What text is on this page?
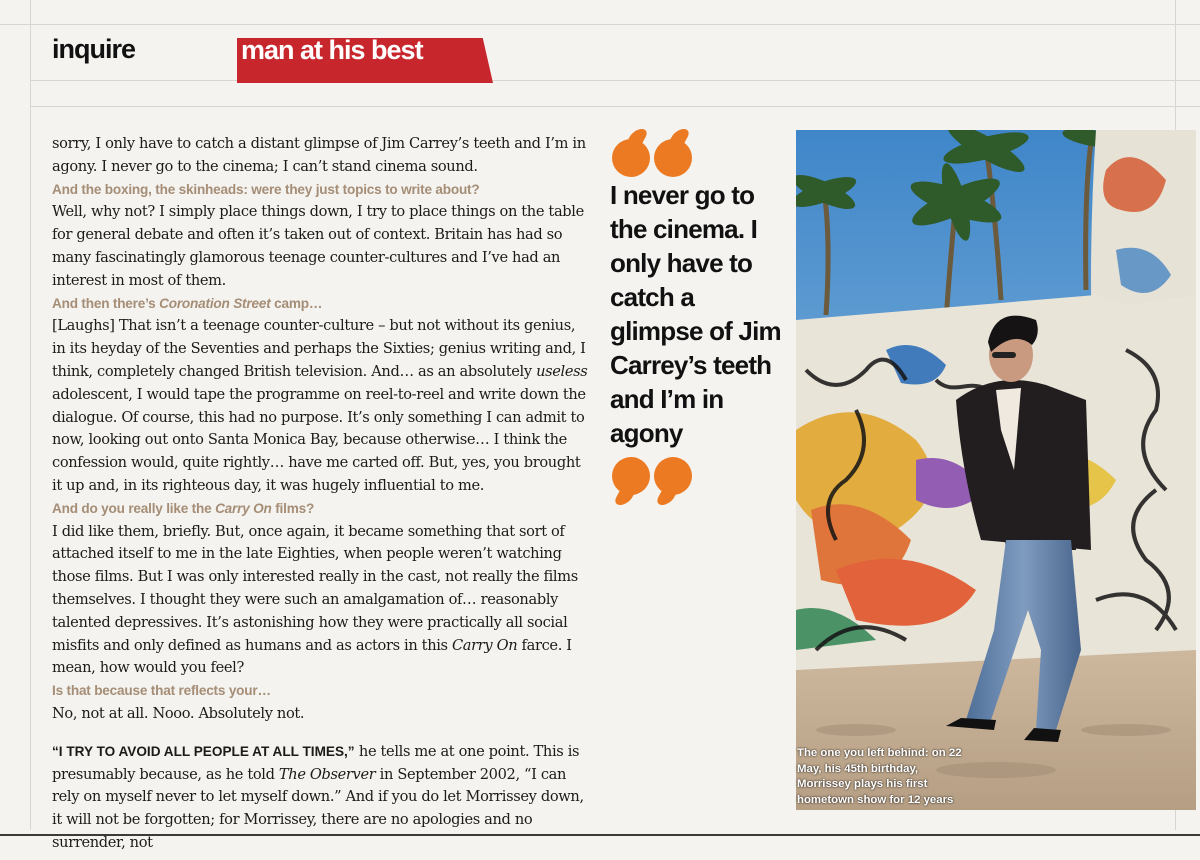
inquire	man at his best

sorry, I only have to catch a distant glimpse of Jim Carrey’s teeth and I’m in agony. I never go to the cinema; I can’t stand cinema sound.

And the boxing, the skinheads: were they just topics to write about?

Well, why not? I simply place things down, I try to place things on the table for general debate and often it’s taken out of context. Britain has had so many fascinatingly glamorous teenage counter-cultures and I’ve had an interest in most of them.

And then there’s Coronation Street camp…

[Laughs] That isn’t a teenage counter-culture – but not without its genius, in its heyday of the Seventies and perhaps the Sixties; genius writing and, I think, completely changed British television. And… as an absolutely useless adolescent, I would tape the programme on reel-to-reel and write down the dialogue. Of course, this had no purpose. It’s only something I can admit to now, looking out onto Santa Monica Bay, because otherwise… I think the confession would, quite rightly… have me carted off. But, yes, you brought it up and, in its righteous day, it was hugely influential to me.

And do you really like the Carry On films?

I did like them, briefly. But, once again, it became something that sort of attached itself to me in the late Eighties, when people weren’t watching those films. But I was only interested really in the cast, not really the films themselves. I thought they were such an amalgamation of… reasonably talented depressives. It’s astonishing how they were practically all social misfits and only defined as humans and as actors in this Carry On farce. I mean, how would you feel?

Is that because that reflects your…

No, not at all. Nooo. Absolutely not.

“I TRY TO AVOID ALL PEOPLE AT ALL TIMES,” he tells me at one point. This is presumably because, as he told The Observer in September 2002, “I can rely on myself never to let myself down.” And if you do let Morrissey down, it will not be forgotten; for Morrissey, there are no apologies and no surrender, not

I never go to the cinema. I only have to catch a glimpse of Jim Carrey’s teeth and I’m in agony
The one you left behind: on 22 May, his 45th birthday, Morrissey plays his first hometown show for 12 years
